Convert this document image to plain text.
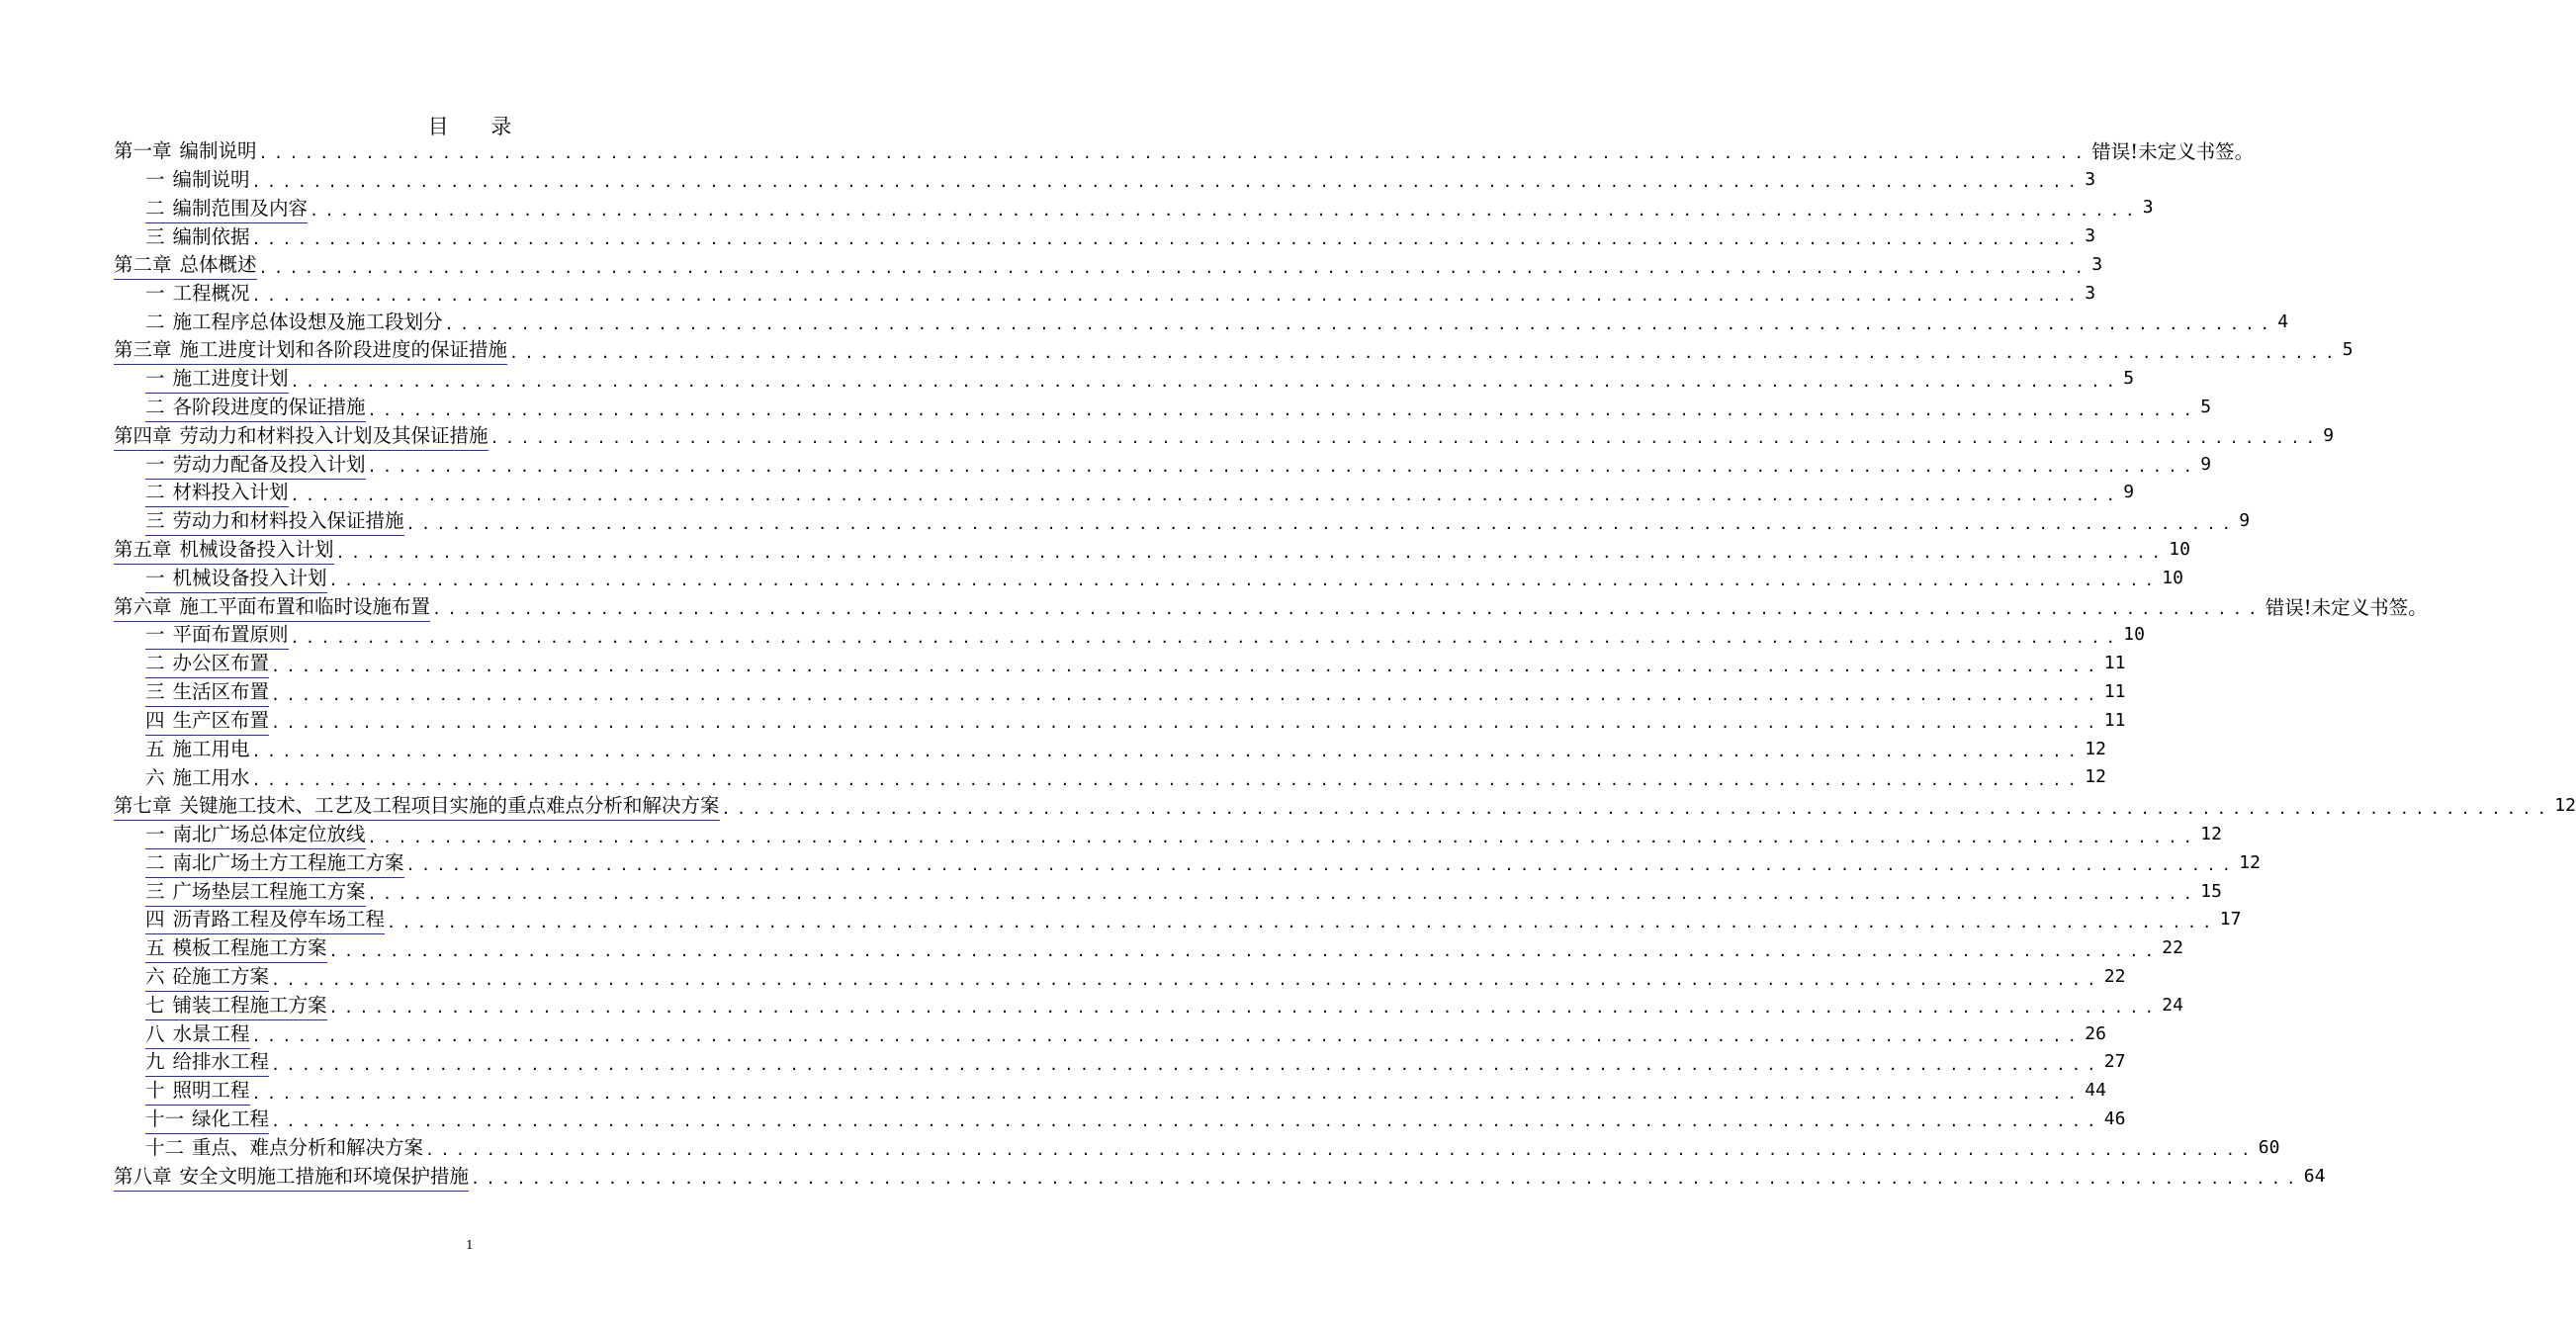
目 录
第一章 编制说明 ........................................................................................................................ 错误!未定义书签。
一 编制说明 ........................................................................................................................ 3
二 编制范围及内容 ........................................................................................................................ 3
三 编制依据 ........................................................................................................................ 3
第二章 总体概述 ........................................................................................................................ 3
一 工程概况 ........................................................................................................................ 3
二 施工程序总体设想及施工段划分 ........................................................................................................................ 4
第三章 施工进度计划和各阶段进度的保证措施 ........................................................................................................................ 5
一 施工进度计划 ........................................................................................................................ 5
二 各阶段进度的保证措施 ........................................................................................................................ 5
第四章 劳动力和材料投入计划及其保证措施 ........................................................................................................................ 9
一 劳动力配备及投入计划 ........................................................................................................................ 9
二 材料投入计划 ........................................................................................................................ 9
三 劳动力和材料投入保证措施 ........................................................................................................................ 9
第五章 机械设备投入计划 ........................................................................................................................ 10
一 机械设备投入计划 ........................................................................................................................ 10
第六章 施工平面布置和临时设施布置 ........................................................................................................................ 错误!未定义书签。
一 平面布置原则 ........................................................................................................................ 10
二 办公区布置 ........................................................................................................................ 11
三 生活区布置 ........................................................................................................................ 11
四 生产区布置 ........................................................................................................................ 11
五 施工用电 ........................................................................................................................ 12
六 施工用水 ........................................................................................................................ 12
第七章 关键施工技术、工艺及工程项目实施的重点难点分析和解决方案 ........................................................................................................................ 12
一 南北广场总体定位放线 ........................................................................................................................ 12
二 南北广场土方工程施工方案 ........................................................................................................................ 12
三 广场垫层工程施工方案 ........................................................................................................................ 15
四 沥青路工程及停车场工程 ........................................................................................................................ 17
五 模板工程施工方案 ........................................................................................................................ 22
六 砼施工方案 ........................................................................................................................ 22
七 铺装工程施工方案 ........................................................................................................................ 24
八 水景工程 ........................................................................................................................ 26
九 给排水工程 ........................................................................................................................ 27
十 照明工程 ........................................................................................................................ 44
十一 绿化工程 ........................................................................................................................ 46
十二 重点、难点分析和解决方案 ........................................................................................................................ 60
第八章 安全文明施工措施和环境保护措施 ........................................................................................................................ 64
1
